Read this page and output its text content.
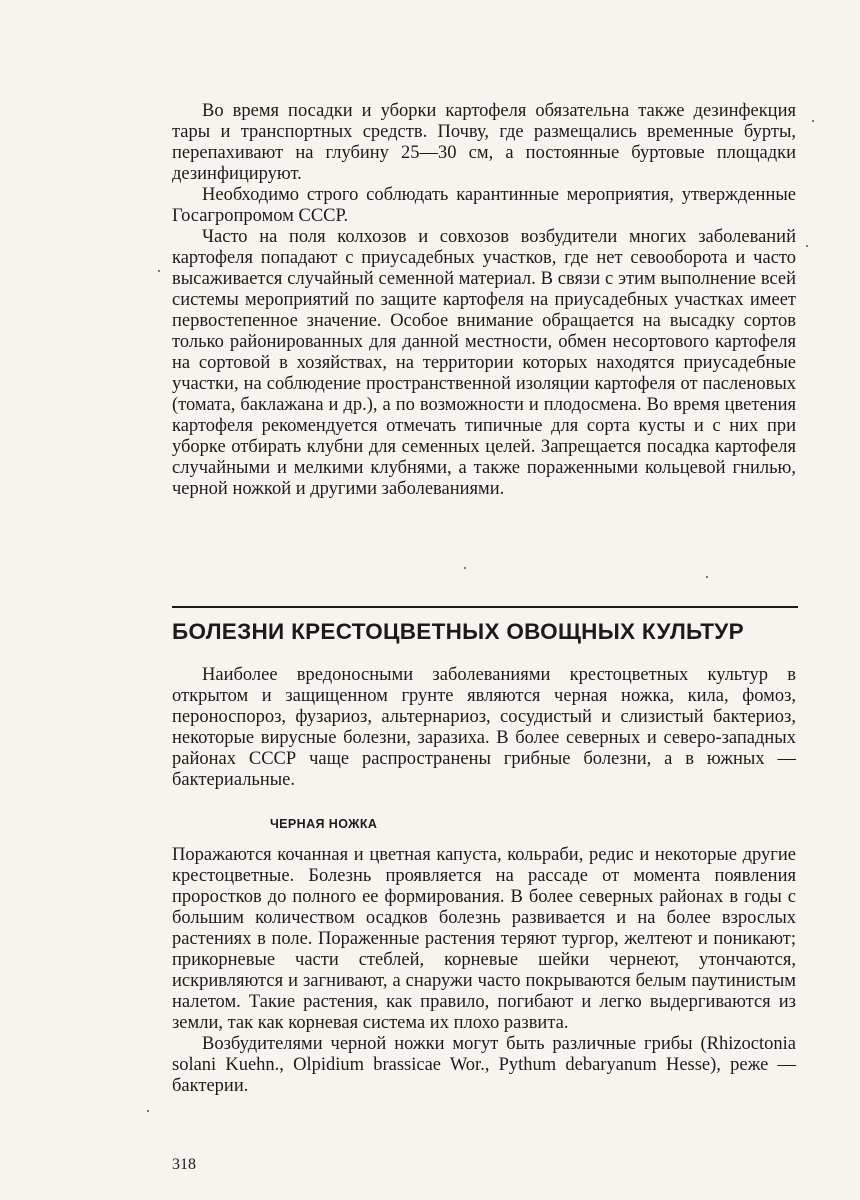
Во время посадки и уборки картофеля обязательна также дезинфекция тары и транспортных средств. Почву, где размещались временные бурты, перепахивают на глубину 25—30 см, а постоянные буртовые площадки дезинфицируют.

Необходимо строго соблюдать карантинные мероприятия, утвержденные Госагропромом СССР.

Часто на поля колхозов и совхозов возбудители многих заболеваний картофеля попадают с приусадебных участков, где нет севооборота и часто высаживается случайный семенной материал. В связи с этим выполнение всей системы мероприятий по защите картофеля на приусадебных участках имеет первостепенное значение. Особое внимание обращается на высадку сортов только районированных для данной местности, обмен несортового картофеля на сортовой в хозяйствах, на территории которых находятся приусадебные участки, на соблюдение пространственной изоляции картофеля от пасленовых (томата, баклажана и др.), а по возможности и плодосмена. Во время цветения картофеля рекомендуется отмечать типичные для сорта кусты и с них при уборке отбирать клубни для семенных целей. Запрещается посадка картофеля случайными и мелкими клубнями, а также пораженными кольцевой гнилью, черной ножкой и другими заболеваниями.

БОЛЕЗНИ КРЕСТОЦВЕТНЫХ ОВОЩНЫХ КУЛЬТУР

Наиболее вредоносными заболеваниями крестоцветных культур в открытом и защищенном грунте являются черная ножка, кила, фомоз, пероноспороз, фузариоз, альтернариоз, сосудистый и слизистый бактериоз, некоторые вирусные болезни, заразиха. В более северных и северо-западных районах СССР чаще распространены грибные болезни, а в южных — бактериальные.

ЧЕРНАЯ НОЖКА

Поражаются кочанная и цветная капуста, кольраби, редис и некоторые другие крестоцветные. Болезнь проявляется на рассаде от момента появления проростков до полного ее формирования. В более северных районах в годы с большим количеством осадков болезнь развивается и на более взрослых растениях в поле. Пораженные растения теряют тургор, желтеют и поникают; прикорневые части стеблей, корневые шейки чернеют, утончаются, искривляются и загнивают, а снаружи часто покрываются белым паутинистым налетом. Такие растения, как правило, погибают и легко выдергиваются из земли, так как корневая система их плохо развита.

Возбудителями черной ножки могут быть различные грибы (Rhizoctonia solani Kuehn., Olpidium brassicae Wor., Pythum debaryanum Hesse), реже — бактерии.

318
